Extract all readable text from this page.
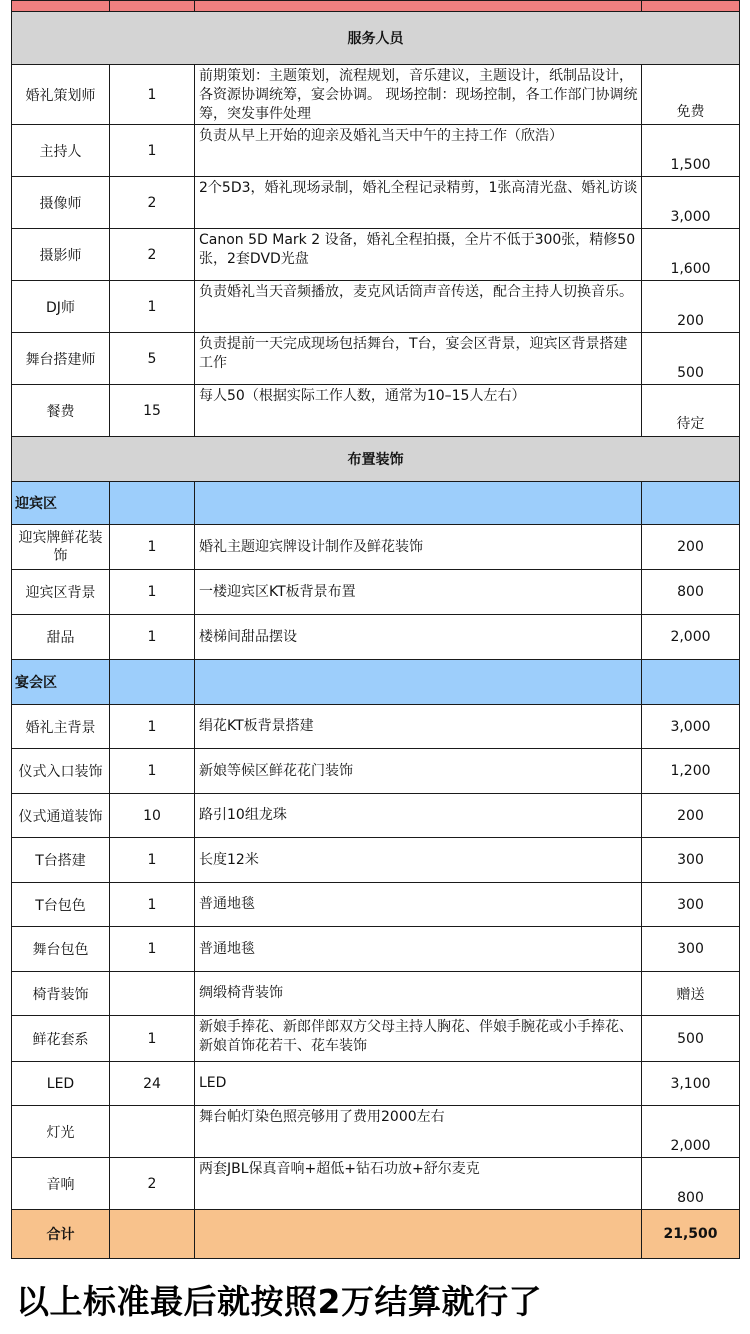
服务人员			
婚礼策划师	1	前期策划：主题策划，流程规划，音乐建议，主题设计，纸制品设计，各资源协调统筹，宴会协调。 现场控制：现场控制，各工作部门协调统筹，突发事件处理	免费
主持人	1	负责从早上开始的迎亲及婚礼当天中午的主持工作（欣浩）	1,500
摄像师	2	2个5D3，婚礼现场录制，婚礼全程记录精剪，1张高清光盘、婚礼访谈	3,000
摄影师	2	Canon 5D Mark 2 设备，婚礼全程拍摄，全片不低于300张，精修50张，2套DVD光盘	1,600
DJ师	1	负责婚礼当天音频播放，麦克风话筒声音传送，配合主持人切换音乐。	200
舞台搭建师	5	负责提前一天完成现场包括舞台，T台，宴会区背景，迎宾区背景搭建工作	500
餐费	15	每人50（根据实际工作人数，通常为10–15人左右）	待定
布置装饰			
迎宾区			
迎宾牌鲜花装饰	1	婚礼主题迎宾牌设计制作及鲜花装饰	200
迎宾区背景	1	一楼迎宾区KT板背景布置	800
甜品	1	楼梯间甜品摆设	2,000
宴会区			
婚礼主背景	1	绢花KT板背景搭建	3,000
仪式入口装饰	1	新娘等候区鲜花花门装饰	1,200
仪式通道装饰	10	路引10组龙珠	200
T台搭建	1	长度12米	300
T台包色	1	普通地毯	300
舞台包色	1	普通地毯	300
椅背装饰		绸缎椅背装饰	赠送
鲜花套系	1	新娘手捧花、新郎伴郎双方父母主持人胸花、伴娘手腕花或小手捧花、新娘首饰花若干、花车装饰	500
LED	24	LED	3,100
灯光		舞台帕灯染色照亮够用了费用2000左右	2,000
音响	2	两套JBL保真音响+超低+钻石功放+舒尔麦克	800
合计			21,500
以上标准最后就按照2万结算就行了
